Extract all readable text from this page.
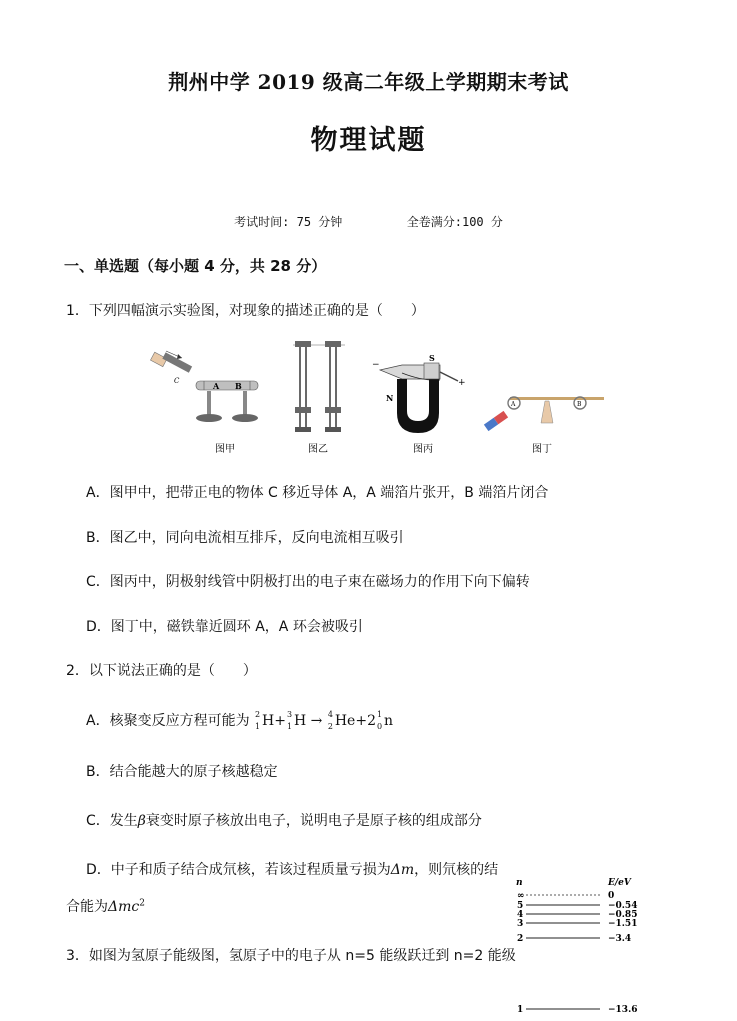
荆州中学 2019 级高二年级上学期期末考试
物理试题
考试时间: 75 分钟	全卷满分:100 分
一、单选题（每小题 4 分，共 28 分）
1．下列四幅演示实验图，对现象的描述正确的是（　　）
C	A B
图甲	图乙
−
+
S
N
图丙
A	B
图丁
A．图甲中，把带正电的物体 C 移近导体 A，A 端箔片张开，B 端箔片闭合
B．图乙中，同向电流相互排斥，反向电流相互吸引
C．图丙中，阴极射线管中阴极打出的电子束在磁场力的作用下向下偏转
D．图丁中，磁铁靠近圆环 A，A 环会被吸引
2．以下说法正确的是（　　）
A．核聚变反应方程可能为 2
1 H+ 3
1 H → 4
2 He+2 1
0 n
B．结合能越大的原子核越稳定
C．发生β衰变时原子核放出电子，说明电子是原子核的组成部分
D．中子和质子结合成氘核，若该过程质量亏损为Δm，则氘核的结
合能为Δmc$^2$
3．如图为氢原子能级图，氢原子中的电子从 n=5 能级跃迁到 n=2 能级
n	E/eV
∞	0
5	−0.54
4	−0.85
3	−1.51
2	−3.4
1	−13.6
